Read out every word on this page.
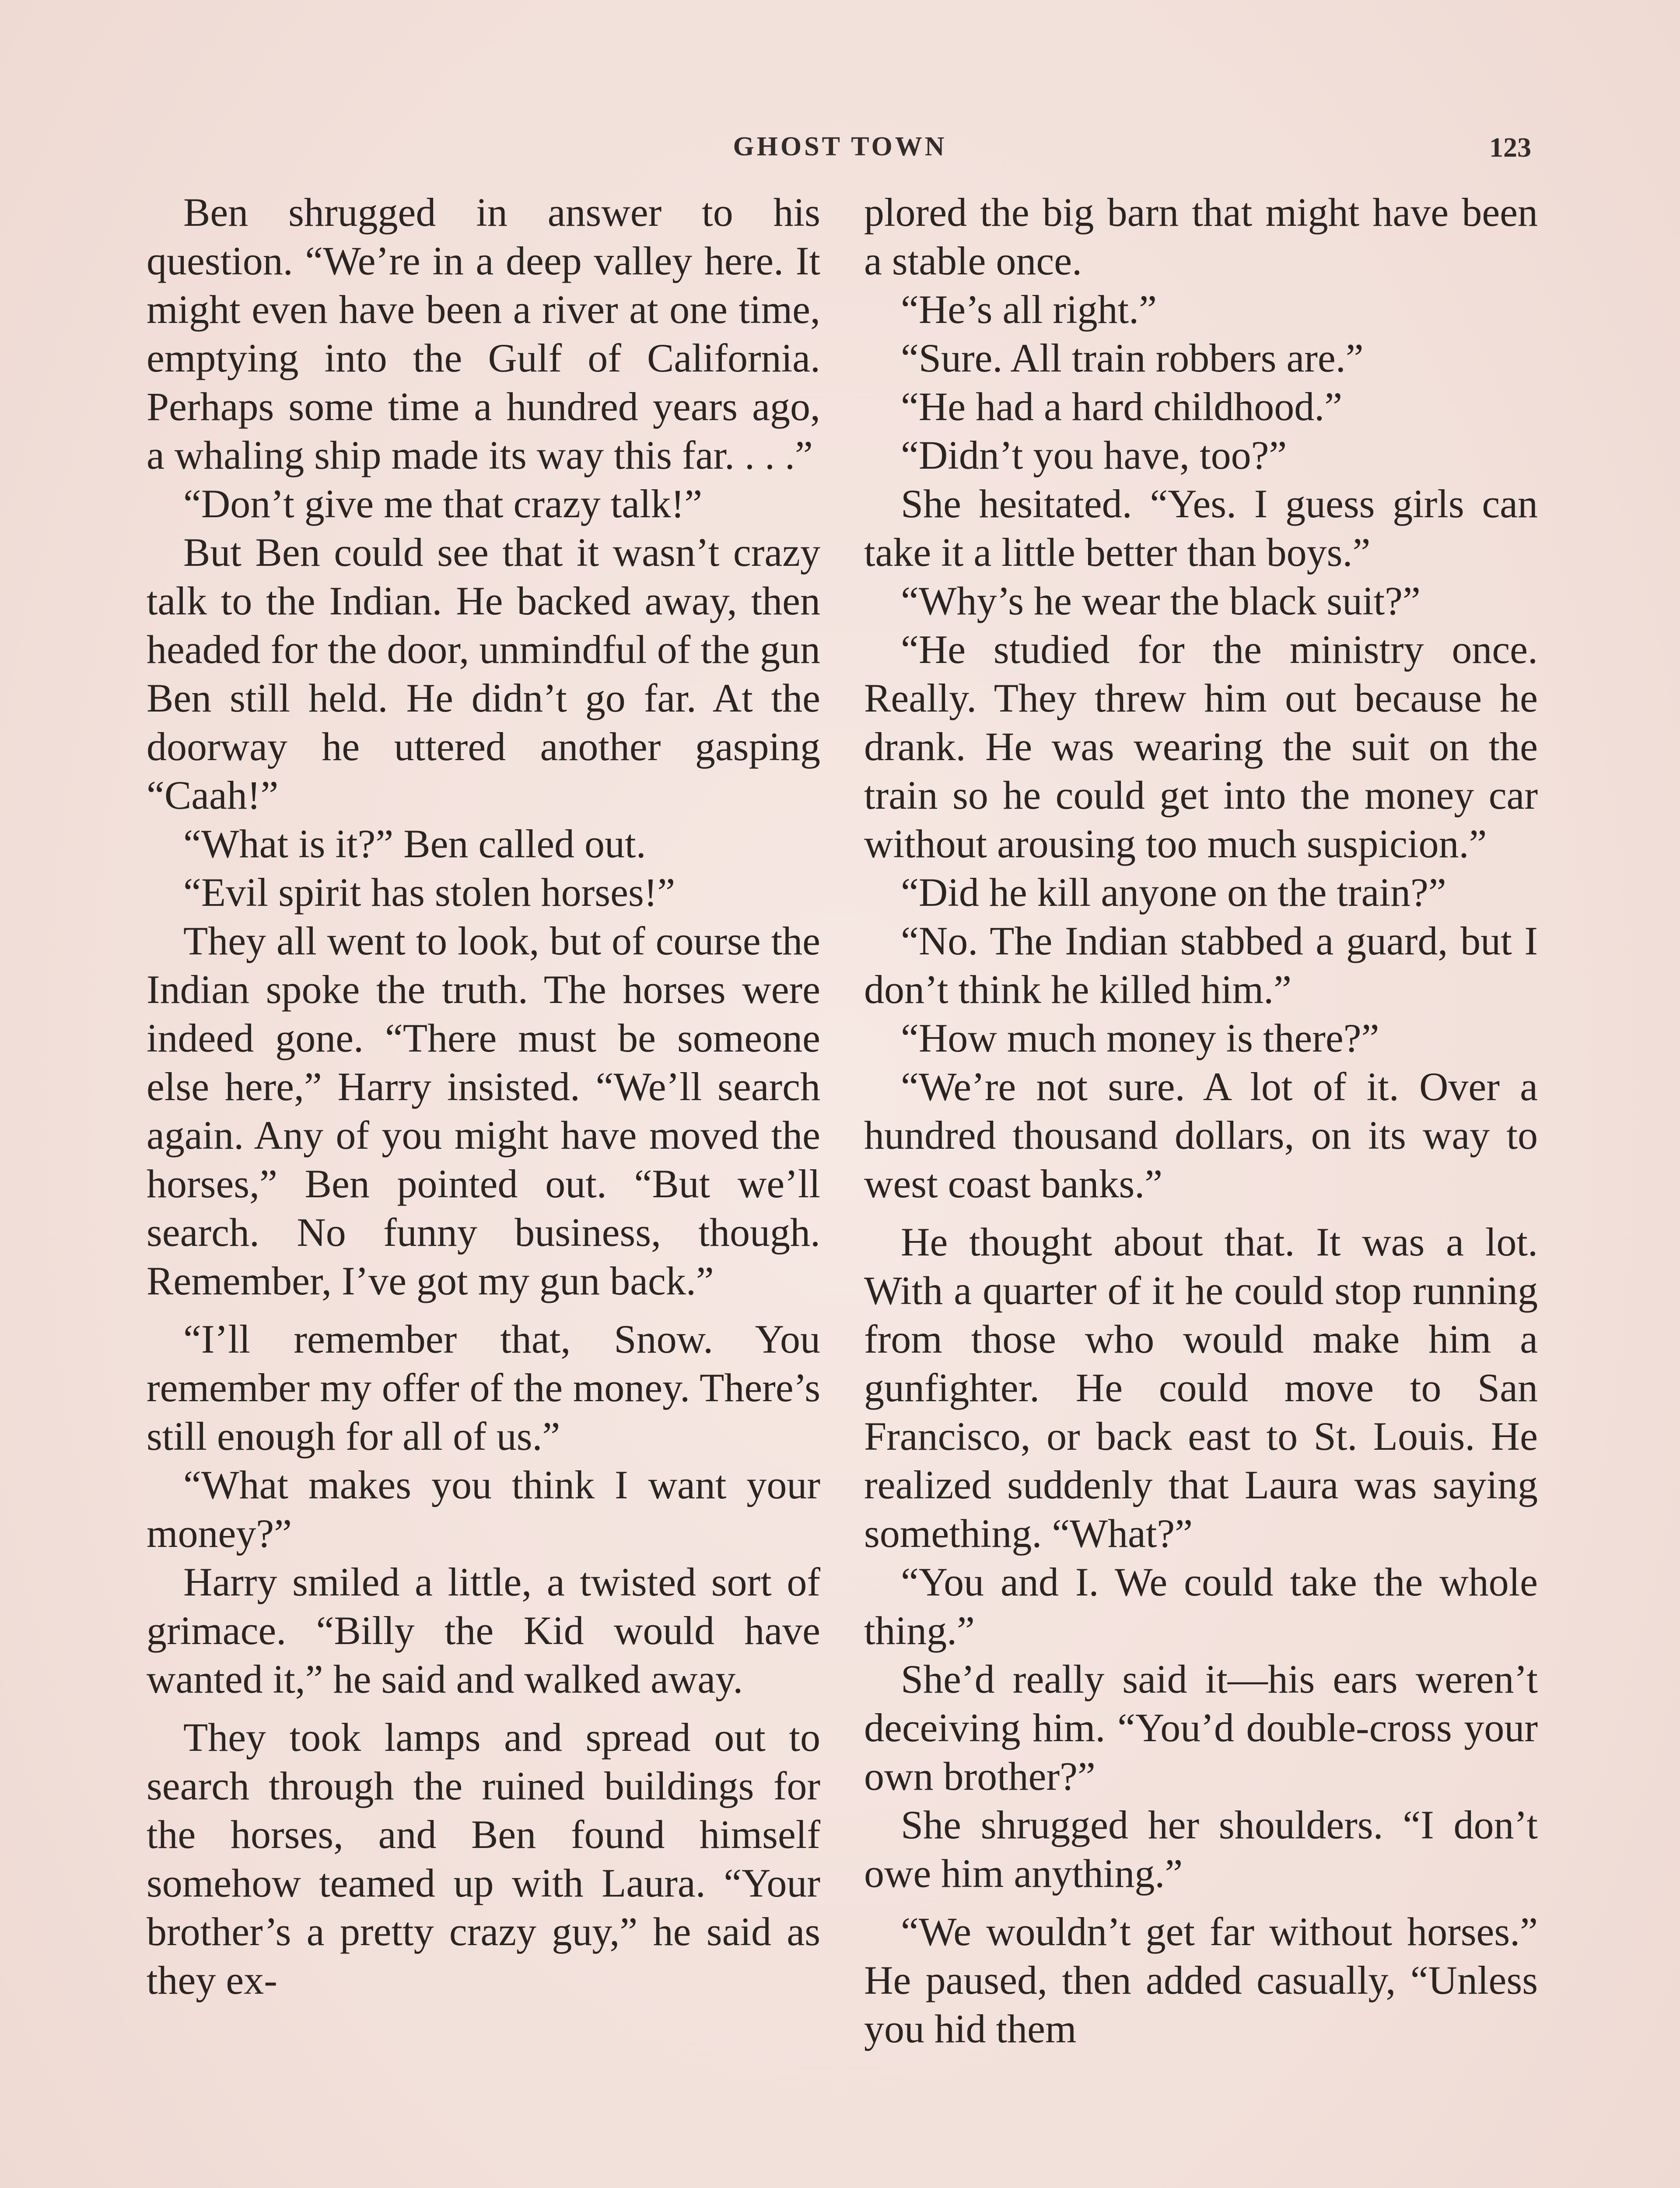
GHOST TOWN	123

Ben shrugged in answer to his question. “We’re in a deep valley here. It might even have been a river at one time, emptying into the Gulf of California. Perhaps some time a hundred years ago, a whaling ship made its way this far. . . .”

“Don’t give me that crazy talk!”

But Ben could see that it wasn’t crazy talk to the Indian. He backed away, then headed for the door, unmindful of the gun Ben still held. He didn’t go far. At the doorway he uttered another gasping “Caah!”

“What is it?” Ben called out.

“Evil spirit has stolen horses!”

They all went to look, but of course the Indian spoke the truth. The horses were indeed gone. “There must be someone else here,” Harry insisted. “We’ll search again. Any of you might have moved the horses,” Ben pointed out. “But we’ll search. No funny business, though. Remember, I’ve got my gun back.”

“I’ll remember that, Snow. You remember my offer of the money. There’s still enough for all of us.”

“What makes you think I want your money?”

Harry smiled a little, a twisted sort of grimace. “Billy the Kid would have wanted it,” he said and walked away.

They took lamps and spread out to search through the ruined buildings for the horses, and Ben found himself somehow teamed up with Laura. “Your brother’s a pretty crazy guy,” he said as they ex-

plored the big barn that might have been a stable once.

“He’s all right.”

“Sure. All train robbers are.”

“He had a hard childhood.”

“Didn’t you have, too?”

She hesitated. “Yes. I guess girls can take it a little better than boys.”

“Why’s he wear the black suit?”

“He studied for the ministry once. Really. They threw him out because he drank. He was wearing the suit on the train so he could get into the money car without arousing too much suspicion.”

“Did he kill anyone on the train?”

“No. The Indian stabbed a guard, but I don’t think he killed him.”

“How much money is there?”

“We’re not sure. A lot of it. Over a hundred thousand dollars, on its way to west coast banks.”

He thought about that. It was a lot. With a quarter of it he could stop running from those who would make him a gunfighter. He could move to San Francisco, or back east to St. Louis. He realized suddenly that Laura was saying something. “What?”

“You and I. We could take the whole thing.”

She’d really said it—his ears weren’t deceiving him. “You’d double-cross your own brother?”

She shrugged her shoulders. “I don’t owe him anything.”

“We wouldn’t get far without horses.” He paused, then added casually, “Unless you hid them
